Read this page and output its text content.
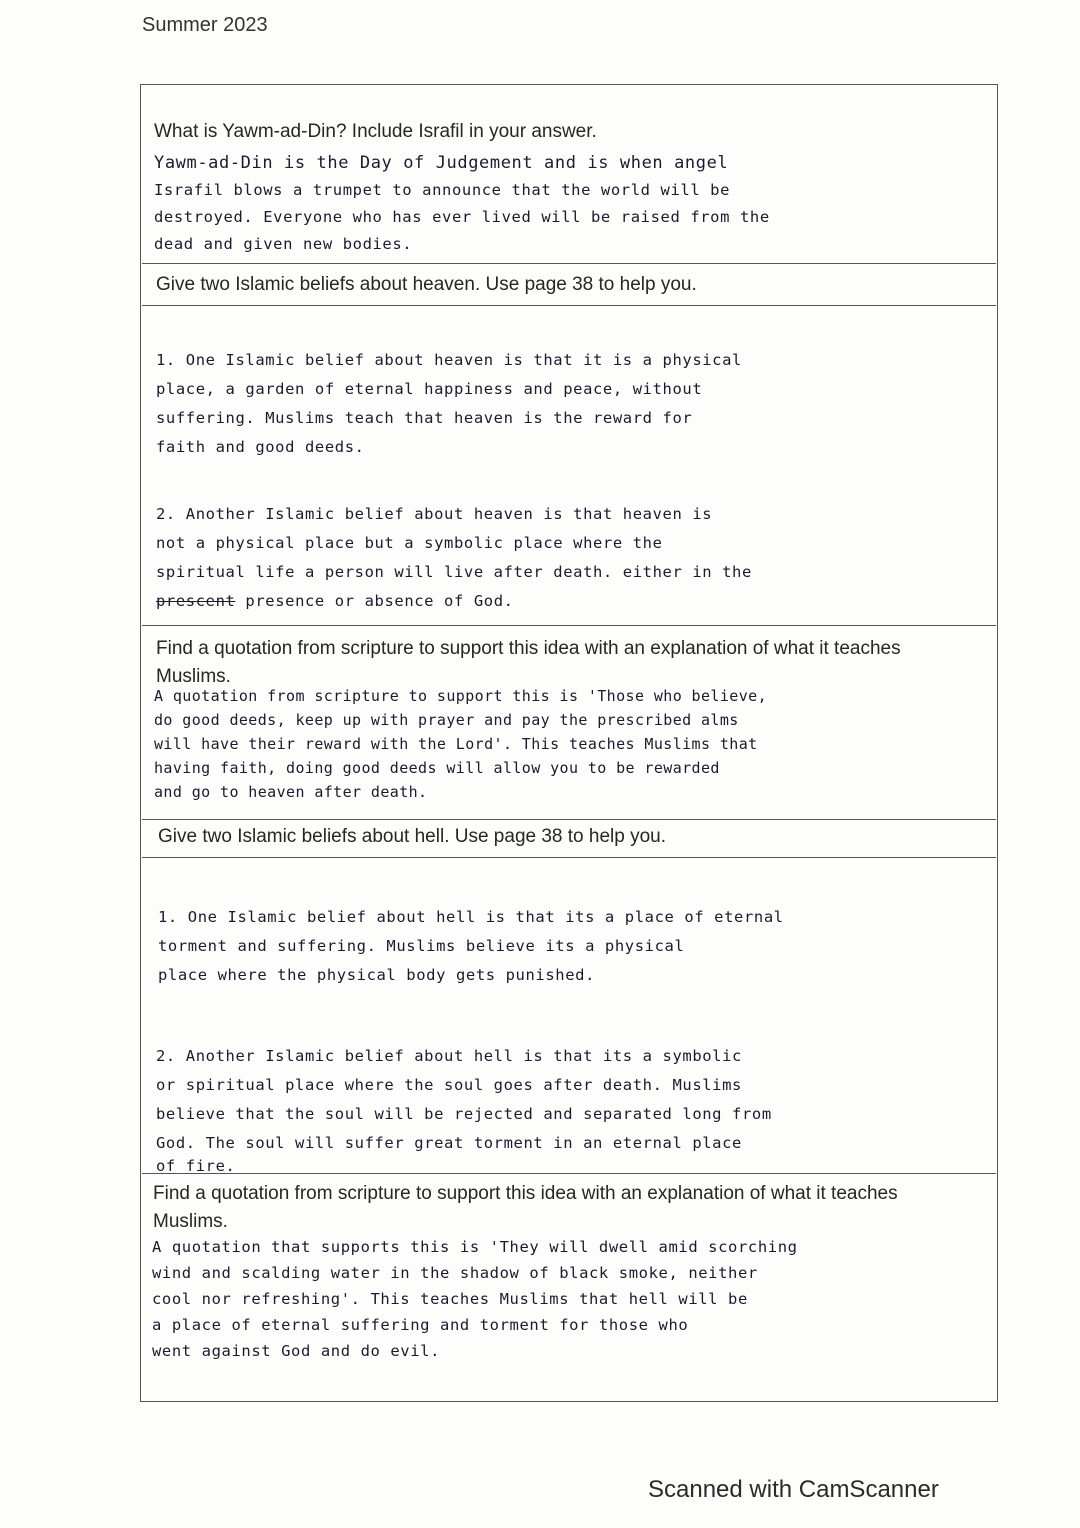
Summer 2023

What is Yawm-ad-Din? Include Israfil in your answer.

Yawm-ad-Din is the Day of Judgement and is when angel
Israfil blows a trumpet to announce that the world will be
destroyed. Everyone who has ever lived will be raised from the
dead and given new bodies.

Give two Islamic beliefs about heaven. Use page 38 to help you.

1. One Islamic belief about heaven is that it is a physical
place, a garden of eternal happiness and peace, without
suffering. Muslims teach that heaven is the reward for
faith and good deeds.
2. Another Islamic belief about heaven is that heaven is
not a physical place but a symbolic place where the
spiritual life a person will live after death. either in the
prescent presence or absence of God.

Find a quotation from scripture to support this idea with an explanation of what it teaches Muslims.

A quotation from scripture to support this is 'Those who believe,
do good deeds, keep up with prayer and pay the prescribed alms
will have their reward with the Lord'. This teaches Muslims that
having faith, doing good deeds will allow you to be rewarded
and go to heaven after death.

Give two Islamic beliefs about hell. Use page 38 to help you.

1. One Islamic belief about hell is that its a place of eternal
torment and suffering. Muslims believe its a physical
place where the physical body gets punished.
2. Another Islamic belief about hell is that its a symbolic
or spiritual place where the soul goes after death. Muslims
believe that the soul will be rejected and separated long from
God. The soul will suffer great torment in an eternal place
of fire.

Find a quotation from scripture to support this idea with an explanation of what it teaches Muslims.

A quotation that supports this is 'They will dwell amid scorching
wind and scalding water in the shadow of black smoke, neither
cool nor refreshing'. This teaches Muslims that hell will be
a place of eternal suffering and torment for those who
went against God and do evil.
Scanned with CamScanner
